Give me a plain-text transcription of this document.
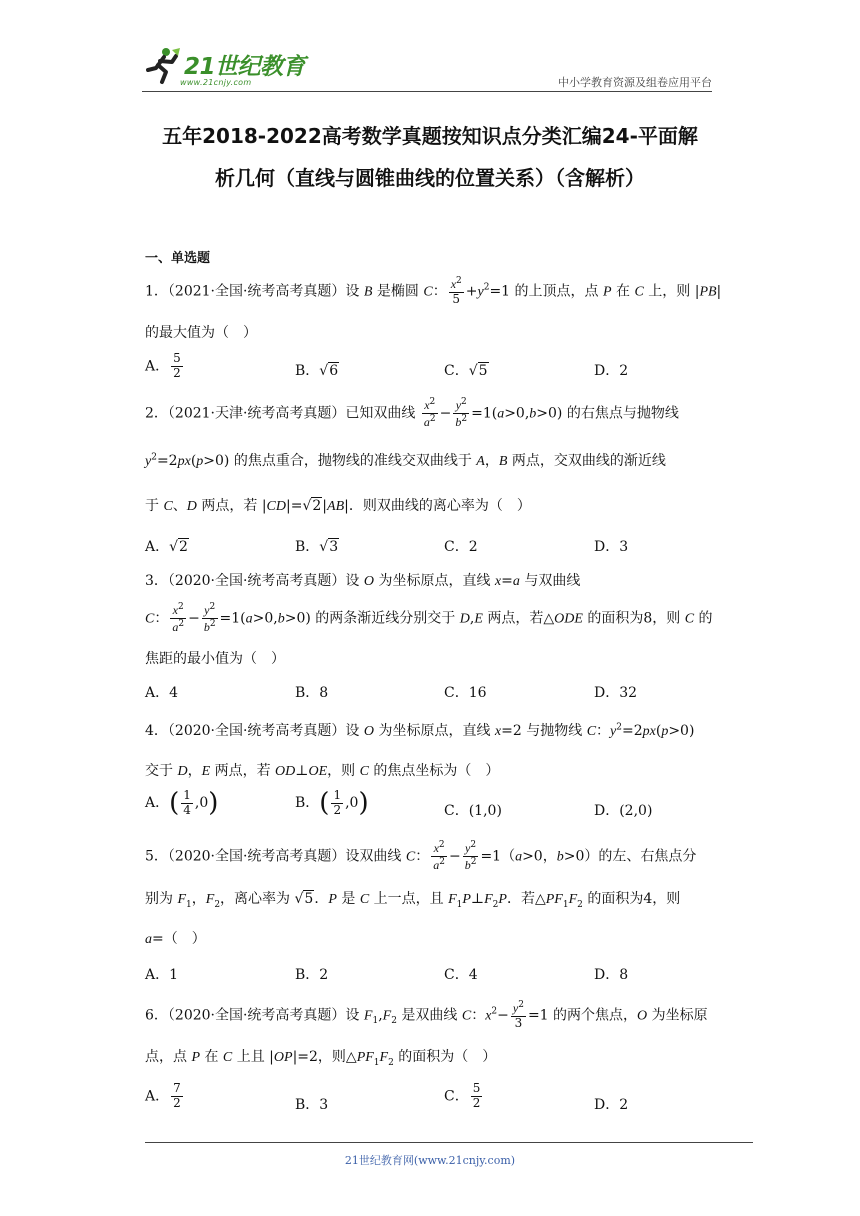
21世纪教育
www.21cnjy.com	中小学教育资源及组卷应用平台
五年2018-2022高考数学真题按知识点分类汇编24-平面解
析几何（直线与圆锥曲线的位置关系）（含解析）
一、单选题
1．（2021·全国·统考高考真题）设 B 是椭圆 C： $\frac{x^2}{5} +y^2=1$ 的上顶点，点 P 在 C 上，则 |PB|
的最大值为（　）
A． $\frac{5}{2}$	B．√6	C．√5	D．2
2．（2021·天津·统考高考真题）已知双曲线 $\frac{x^2}{a^2} - \frac{y^2}{b^2} =1(a>0,b>0)$ 的右焦点与抛物线
$y^2=2px(p>0)$ 的焦点重合，抛物线的准线交双曲线于 A，B 两点，交双曲线的渐近线
于 C、D 两点，若 |CD|=√2|AB|．则双曲线的离心率为（　）
A．√2	B．√3	C．2	D．3
3．（2020·全国·统考高考真题）设 O 为坐标原点，直线 x=a 与双曲线
C： $\frac{x^2}{a^2} - \frac{y^2}{b^2} =1(a>0,b>0)$ 的两条渐近线分别交于 D,E 两点，若△ODE 的面积为8，则 C 的
焦距的最小值为（　）
A．4	B．8	C．16	D．32
4．（2020·全国·统考高考真题）设 O 为坐标原点，直线 x=2 与抛物线 C：$y^2=2px(p>0)$
交于 D，E 两点，若 OD⊥OE，则 C 的焦点坐标为（　）
A．( $\frac{1}{4} ,0$)	B．( $\frac{1}{2} ,0$)	C．(1,0)	D．(2,0)
5．（2020·全国·统考高考真题）设双曲线 C： $\frac{x^2}{a^2} - \frac{y^2}{b^2} =1(a>0$，b>0）的左、右焦点分
别为 $F_1$，$F_2$，离心率为 √5．P 是 C 上一点，且 $F_1P\perp F_2P$．若$\triangle PF_1F_2$ 的面积为4，则
a=（　）
A．1	B．2	C．4	D．8
6．（2020·全国·统考高考真题）设 $F_1,F_2$ 是双曲线 C：$x^2- \frac{y^2}{3} =1$ 的两个焦点，O 为坐标原
点，点 P 在 C 上且 |OP|=2，则$\triangle PF_1F_2$ 的面积为（　）
A． $\frac{7}{2}$	B．3
C． $\frac{5}{2}$	D．2
21世纪教育网(www.21cnjy.com)
